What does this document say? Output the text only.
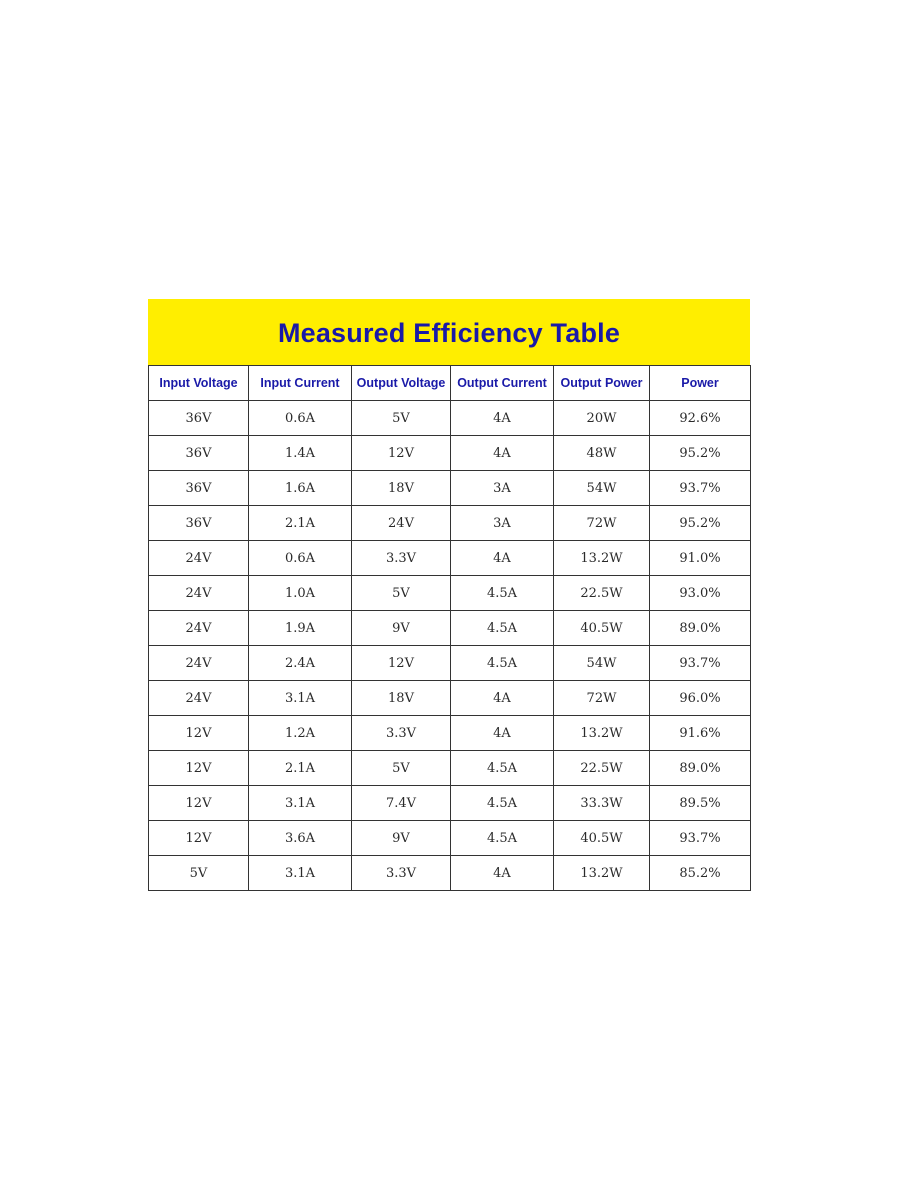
Measured Efficiency Table
Input Voltage	Input Current	Output Voltage	Output Current	Output Power	Power
36V	0.6A	5V	4A	20W	92.6%
36V	1.4A	12V	4A	48W	95.2%
36V	1.6A	18V	3A	54W	93.7%
36V	2.1A	24V	3A	72W	95.2%
24V	0.6A	3.3V	4A	13.2W	91.0%
24V	1.0A	5V	4.5A	22.5W	93.0%
24V	1.9A	9V	4.5A	40.5W	89.0%
24V	2.4A	12V	4.5A	54W	93.7%
24V	3.1A	18V	4A	72W	96.0%
12V	1.2A	3.3V	4A	13.2W	91.6%
12V	2.1A	5V	4.5A	22.5W	89.0%
12V	3.1A	7.4V	4.5A	33.3W	89.5%
12V	3.6A	9V	4.5A	40.5W	93.7%
5V	3.1A	3.3V	4A	13.2W	85.2%
